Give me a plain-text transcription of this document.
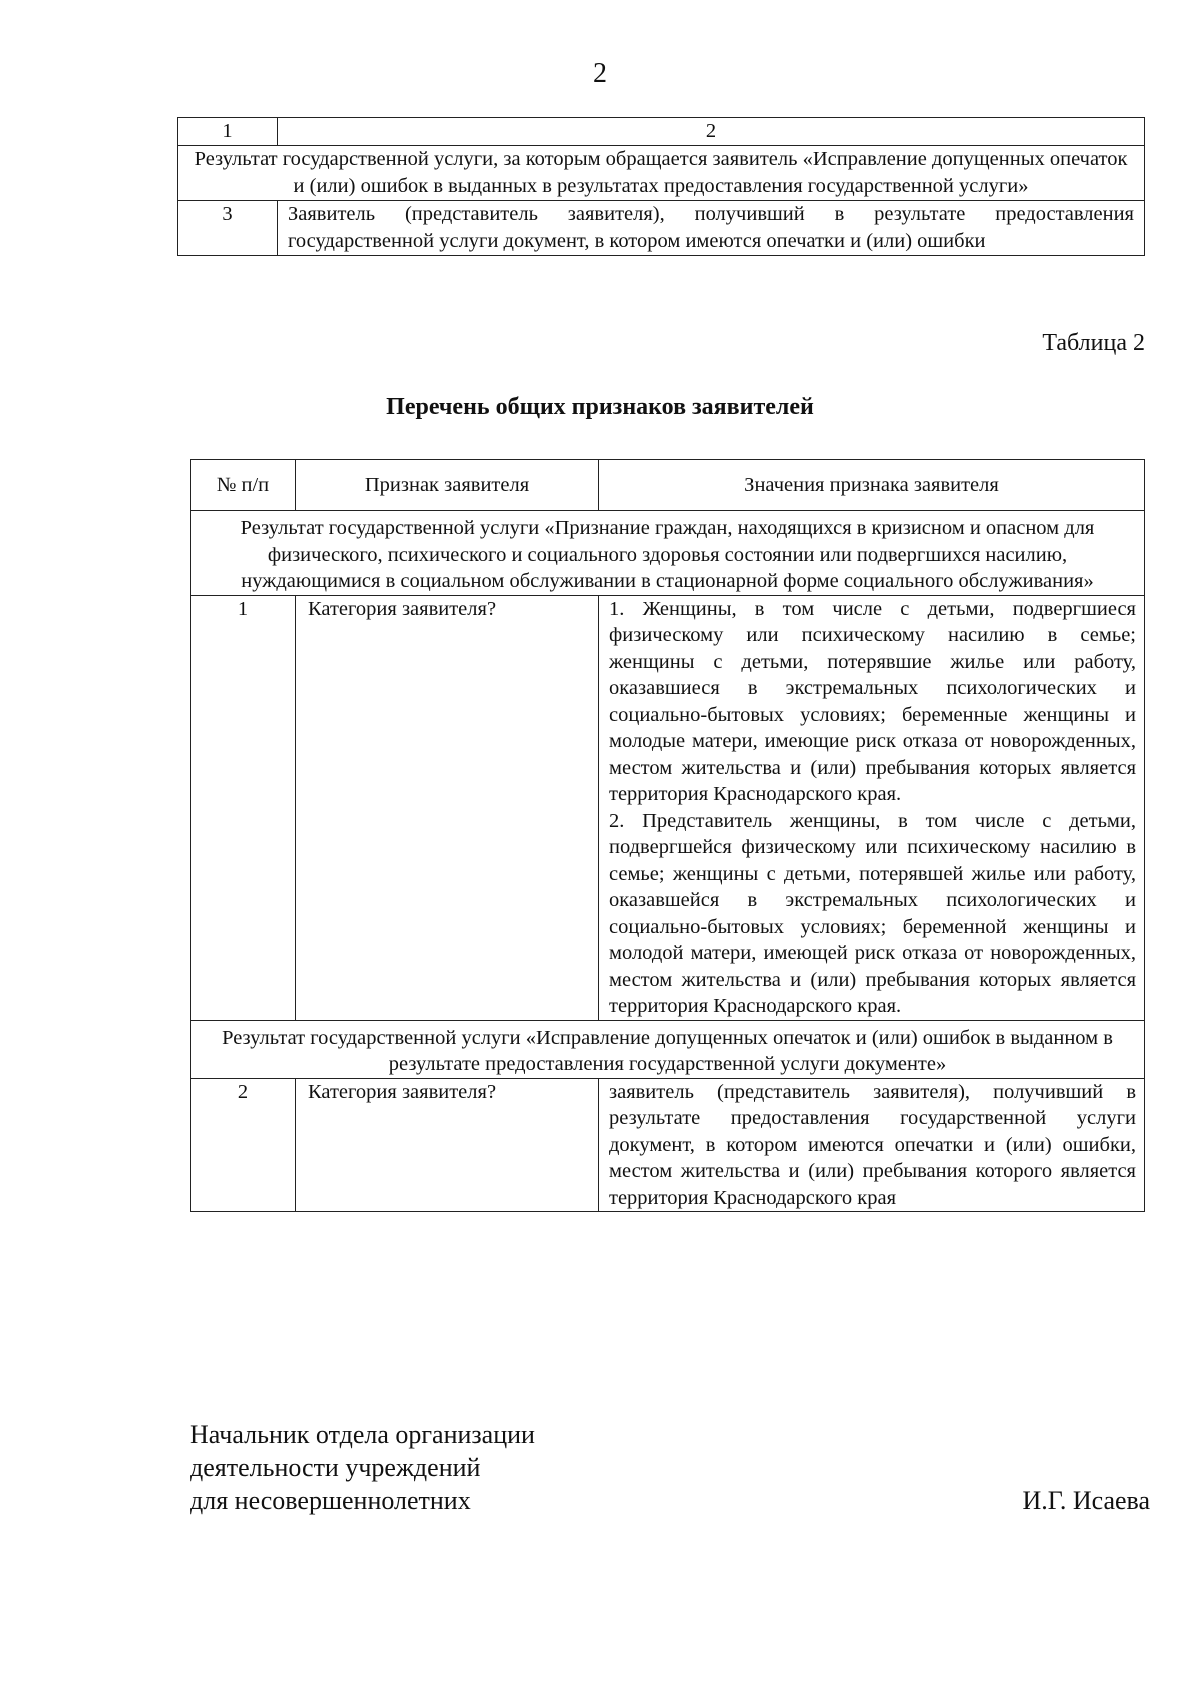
2
1	2
Результат государственной услуги, за которым обращается заявитель «Исправление допущенных опечаток и (или) ошибок в выданных в результатах предоставления государственной услуги»	
3	Заявитель (представитель заявителя), получивший в результате предоставления государственной услуги документ, в котором имеются опечатки и (или) ошибки
Таблица 2
Перечень общих признаков заявителей
№ п/п	Признак заявителя	Значения признака заявителя
Результат государственной услуги «Признание граждан, находящихся в кризисном и опасном для физического, психического и социального здоровья состоянии или подвергшихся насилию, нуждающимися в социальном обслуживании в стационарной форме социального обслуживания»		
1	Категория заявителя?	1. Женщины, в том числе с детьми, подвергшиеся физическому или психическому насилию в семье; женщины с детьми, потерявшие жилье или работу, оказавшиеся в экстремальных психологических и социально-бытовых условиях; беременные женщины и молодые матери, имеющие риск отказа от новорожденных, местом жительства и (или) пребывания которых является территория Краснодарского края.
2. Представитель женщины, в том числе с детьми, подвергшейся физическому или психическому насилию в семье; женщины с детьми, потерявшей жилье или работу, оказавшейся в экстремальных психологических и социально-бытовых условиях; беременной женщины и молодой матери, имеющей риск отказа от новорожденных, местом жительства и (или) пребывания которых является территория Краснодарского края.

Результат государственной услуги «Исправление допущенных опечаток и (или) ошибок в выданном в результате предоставления государственной услуги документе»		
2	Категория заявителя?	заявитель (представитель заявителя), получивший в результате предоставления государственной услуги документ, в котором имеются опечатки и (или) ошибки, местом жительства и (или) пребывания которого является территория Краснодарского края
Начальник отдела организации
деятельности учреждений
для несовершеннолетних	И.Г. Исаева
